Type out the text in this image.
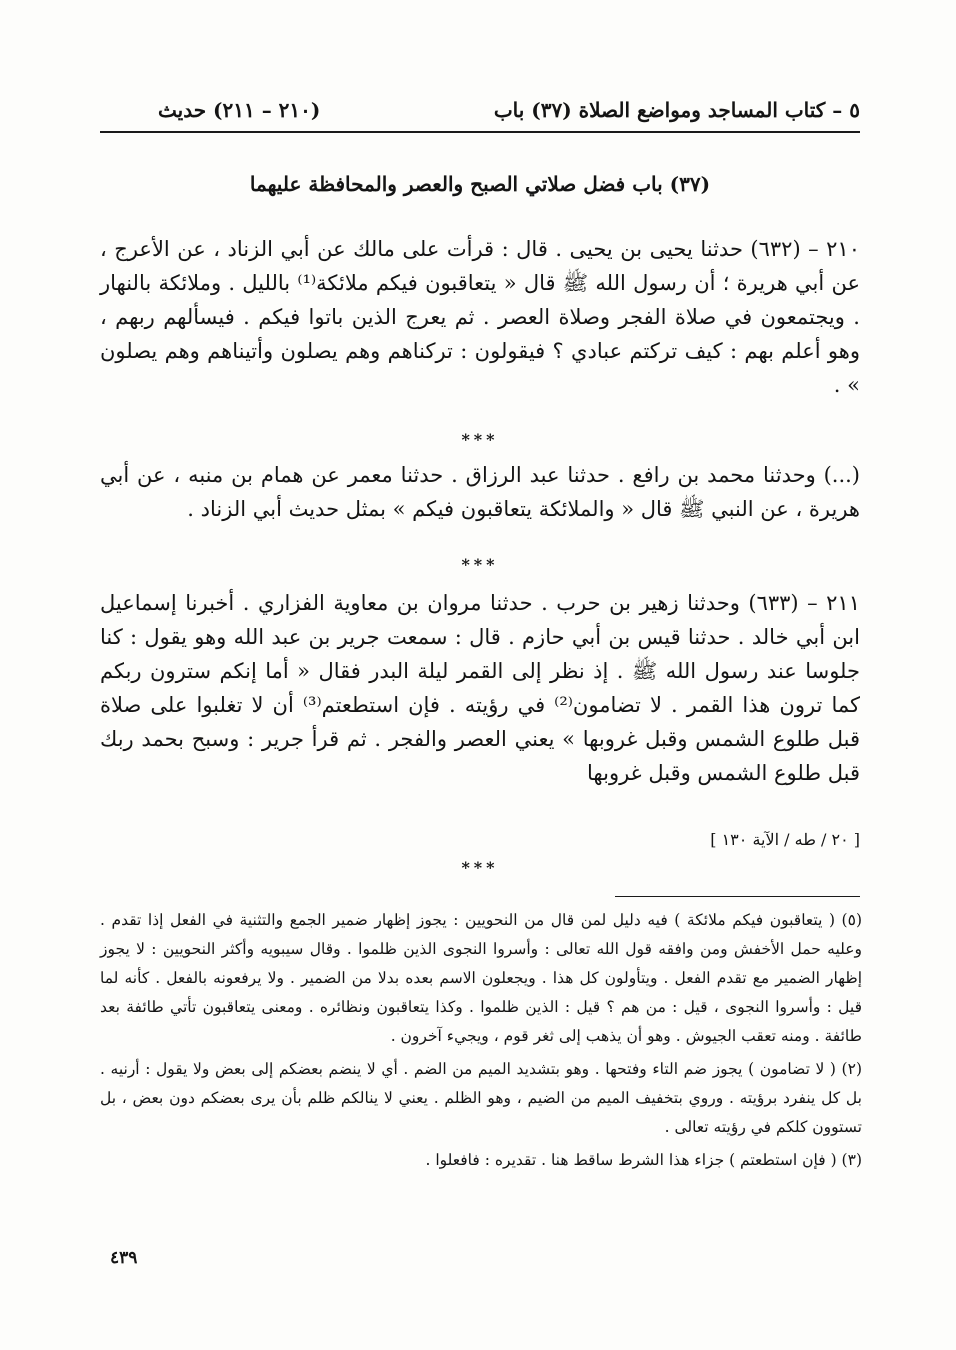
٥ – كتاب المساجد ومواضع الصلاة (٣٧) باب
(٢١٠ – ٢١١) حديث
(٣٧) باب فضل صلاتي الصبح والعصر والمحافظة عليهما
٢١٠ – (٦٣٢) حدثنا يحيى بن يحيى . قال : قرأت على مالك عن أبي الزناد ، عن الأعرج ، عن أبي هريرة ؛ أن رسول الله ﷺ قال « يتعاقبون فيكم ملائكة⁽¹⁾ بالليل . وملائكة بالنهار . ويجتمعون في صلاة الفجر وصلاة العصر . ثم يعرج الذين باتوا فيكم . فيسألهم ربهم ، وهو أعلم بهم : كيف تركتم عبادي ؟ فيقولون : تركناهم وهم يصلون وأتيناهم وهم يصلون » .
***
(...) وحدثنا محمد بن رافع . حدثنا عبد الرزاق . حدثنا معمر عن همام بن منبه ، عن أبي هريرة ، عن النبي ﷺ قال « والملائكة يتعاقبون فيكم » بمثل حديث أبي الزناد .
***
٢١١ – (٦٣٣) وحدثنا زهير بن حرب . حدثنا مروان بن معاوية الفزاري . أخبرنا إسماعيل ابن أبي خالد . حدثنا قيس بن أبي حازم . قال : سمعت جرير بن عبد الله وهو يقول : كنا جلوسا عند رسول الله ﷺ . إذ نظر إلى القمر ليلة البدر فقال « أما إنكم سترون ربكم كما ترون هذا القمر . لا تضامون⁽²⁾ في رؤيته . فإن استطعتم⁽³⁾ أن لا تغلبوا على صلاة قبل طلوع الشمس وقبل غروبها » يعني العصر والفجر . ثم قرأ جرير : وسبح بحمد ربك قبل طلوع الشمس وقبل غروبها
[ ٢٠ / طه / الآية ١٣٠ ]
***

(٥) ( يتعاقبون فيكم ملائكة ) فيه دليل لمن قال من النحويين : يجوز إظهار ضمير الجمع والتثنية في الفعل إذا تقدم . وعليه حمل الأخفش ومن وافقه قول الله تعالى : وأسروا النجوى الذين ظلموا . وقال سيبويه وأكثر النحويين : لا يجوز إظهار الضمير مع تقدم الفعل . ويتأولون كل هذا . ويجعلون الاسم بعده بدلا من الضمير . ولا يرفعونه بالفعل . كأنه لما قيل : وأسروا النجوى ، قيل : من هم ؟ قيل : الذين ظلموا . وكذا يتعاقبون ونظائره . ومعنى يتعاقبون تأتي طائفة بعد طائفة . ومنه تعقب الجيوش . وهو أن يذهب إلى ثغر قوم ، ويجيء آخرون .

(٢) ( لا تضامون ) يجوز ضم التاء وفتحها . وهو بتشديد الميم من الضم . أي لا ينضم بعضكم إلى بعض ولا يقول : أرنيه . بل كل ينفرد برؤيته . وروي بتخفيف الميم من الضيم ، وهو الظلم . يعني لا ينالكم ظلم بأن يرى بعضكم دون بعض ، بل تستوون كلكم في رؤيته تعالى .

(٣) ( فإن استطعتم ) جزاء هذا الشرط ساقط هنا . تقديره : فافعلوا .

٤٣٩
